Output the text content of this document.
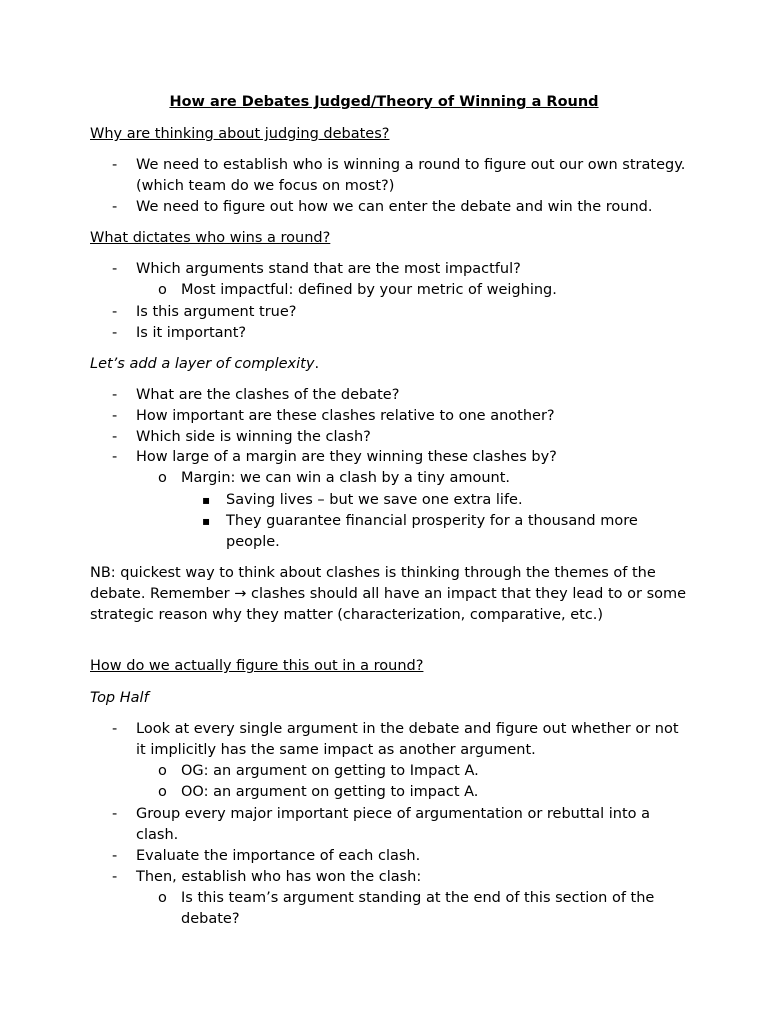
How are Debates Judged/Theory of Winning a Round

Why are thinking about judging debates?

- We need to establish who is winning a round to figure out our own strategy. (which team do we focus on most?)
- We need to figure out how we can enter the debate and win the round.

What dictates who wins a round?

- Which arguments stand that are the most impactful?
o Most impactful: defined by your metric of weighing.
- Is this argument true?
- Is it important?

Let’s add a layer of complexity.

- What are the clashes of the debate?
- How important are these clashes relative to one another?
- Which side is winning the clash?
- How large of a margin are they winning these clashes by?
o Margin: we can win a clash by a tiny amount.
▪ Saving lives – but we save one extra life.
▪ They guarantee financial prosperity for a thousand more people.

NB: quickest way to think about clashes is thinking through the themes of the debate. Remember → clashes should all have an impact that they lead to or some strategic reason why they matter (characterization, comparative, etc.)

How do we actually figure this out in a round?

Top Half

- Look at every single argument in the debate and figure out whether or not it implicitly has the same impact as another argument.
o OG: an argument on getting to Impact A.
o OO: an argument on getting to impact A.
- Group every major important piece of argumentation or rebuttal into a clash.
- Evaluate the importance of each clash.
- Then, establish who has won the clash:
o Is this team’s argument standing at the end of this section of the debate?
